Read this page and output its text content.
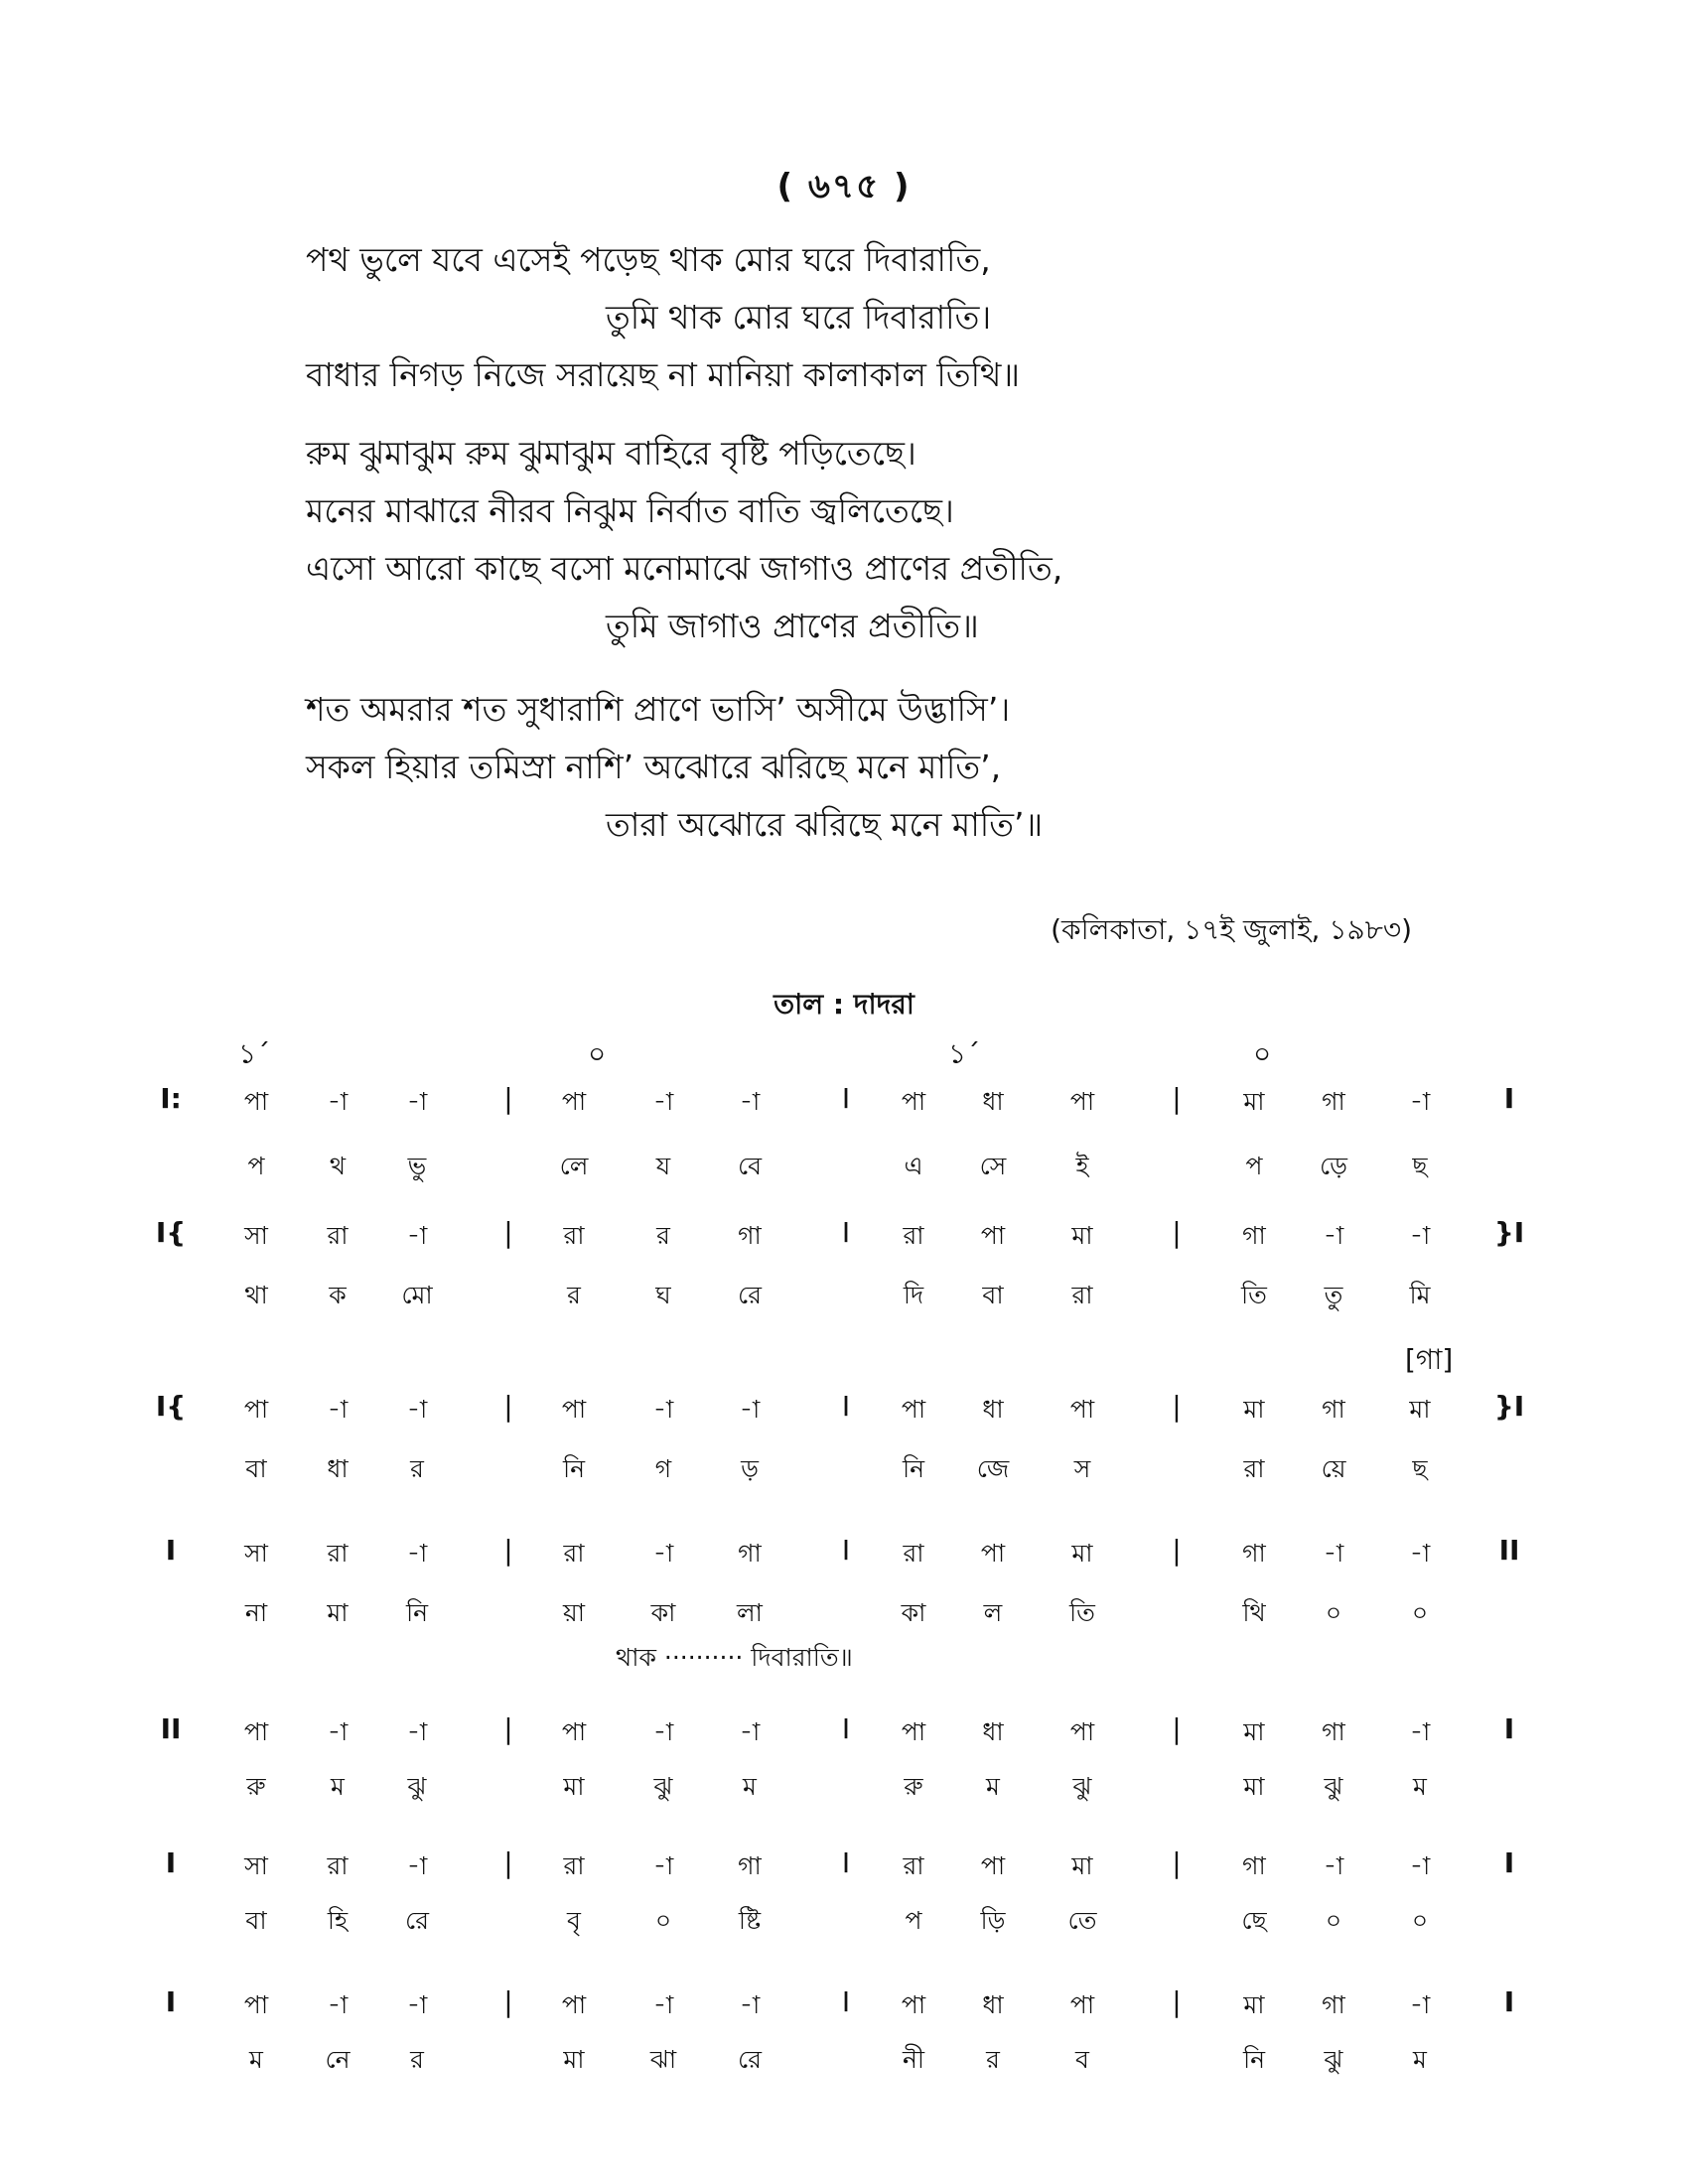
( ৬৭৫ )
পথ ভুলে যবে এসেই পড়েছ থাক মোর ঘরে দিবারাতি,
তুমি থাক মোর ঘরে দিবারাতি।
বাধার নিগড় নিজে সরায়েছ না মানিয়া কালাকাল তিথি॥
রুম ঝুমাঝুম রুম ঝুমাঝুম বাহিরে বৃষ্টি পড়িতেছে।
মনের মাঝারে নীরব নিঝুম নির্বাত বাতি জ্বলিতেছে।
এসো আরো কাছে বসো মনোমাঝে জাগাও প্রাণের প্রতীতি,
তুমি জাগাও প্রাণের প্রতীতি॥
শত অমরার শত সুধারাশি প্রাণে ভাসি’ অসীমে উদ্ভাসি’।
সকল হিয়ার তমিস্রা নাশি’ অঝোরে ঝরিছে মনে মাতি’,
তারা অঝোরে ঝরিছে মনে মাতি’॥
(কলিকাতা, ১৭ই জুলাই, ১৯৮৩)
তাল : দাদরা
১´	০	১´	০
I:	|	I	|	I
পা	-া	-া	পা	-া	-া	পা	ধা	পা	মা	গা	-া
প	থ	ভু	লে	য	বে	এ	সে	ই	প	ড়ে	ছ
I{	|	I	|	}I
সা	রা	-া	রা	র	গা	রা	পা	মা	গা	-া	-া
থা	ক	মো	র	ঘ	রে	দি	বা	রা	তি	তু	মি
I{	|	I	|	}I
পা	-া	-া	পা	-া	-া	পা	ধা	পা	মা	গা	মা
বা	ধা	র	নি	গ	ড়	নি	জে	স	রা	য়ে	ছ
[গা]
I	|	I	|	II
সা	রা	-া	রা	-া	গা	রা	পা	মা	গা	-া	-া
না	মা	নি	য়া	কা	লা	কা	ল	তি	থি	০	০
II	|	I	|	I
পা	-া	-া	পা	-া	-া	পা	ধা	পা	মা	গা	-া
রু	ম	ঝু	মা	ঝু	ম	রু	ম	ঝু	মা	ঝু	ম
I	|	I	|	I
সা	রা	-া	রা	-া	গা	রা	পা	মা	গা	-া	-া
বা	হি	রে	বৃ	০	ষ্টি	প	ড়ি	তে	ছে	০	০
I	|	I	|	I
পা	-া	-া	পা	-া	-া	পা	ধা	পা	মা	গা	-া
ম	নে	র	মা	ঝা	রে	নী	র	ব	নি	ঝু	ম
থাক ·········· দিবারাতি॥
